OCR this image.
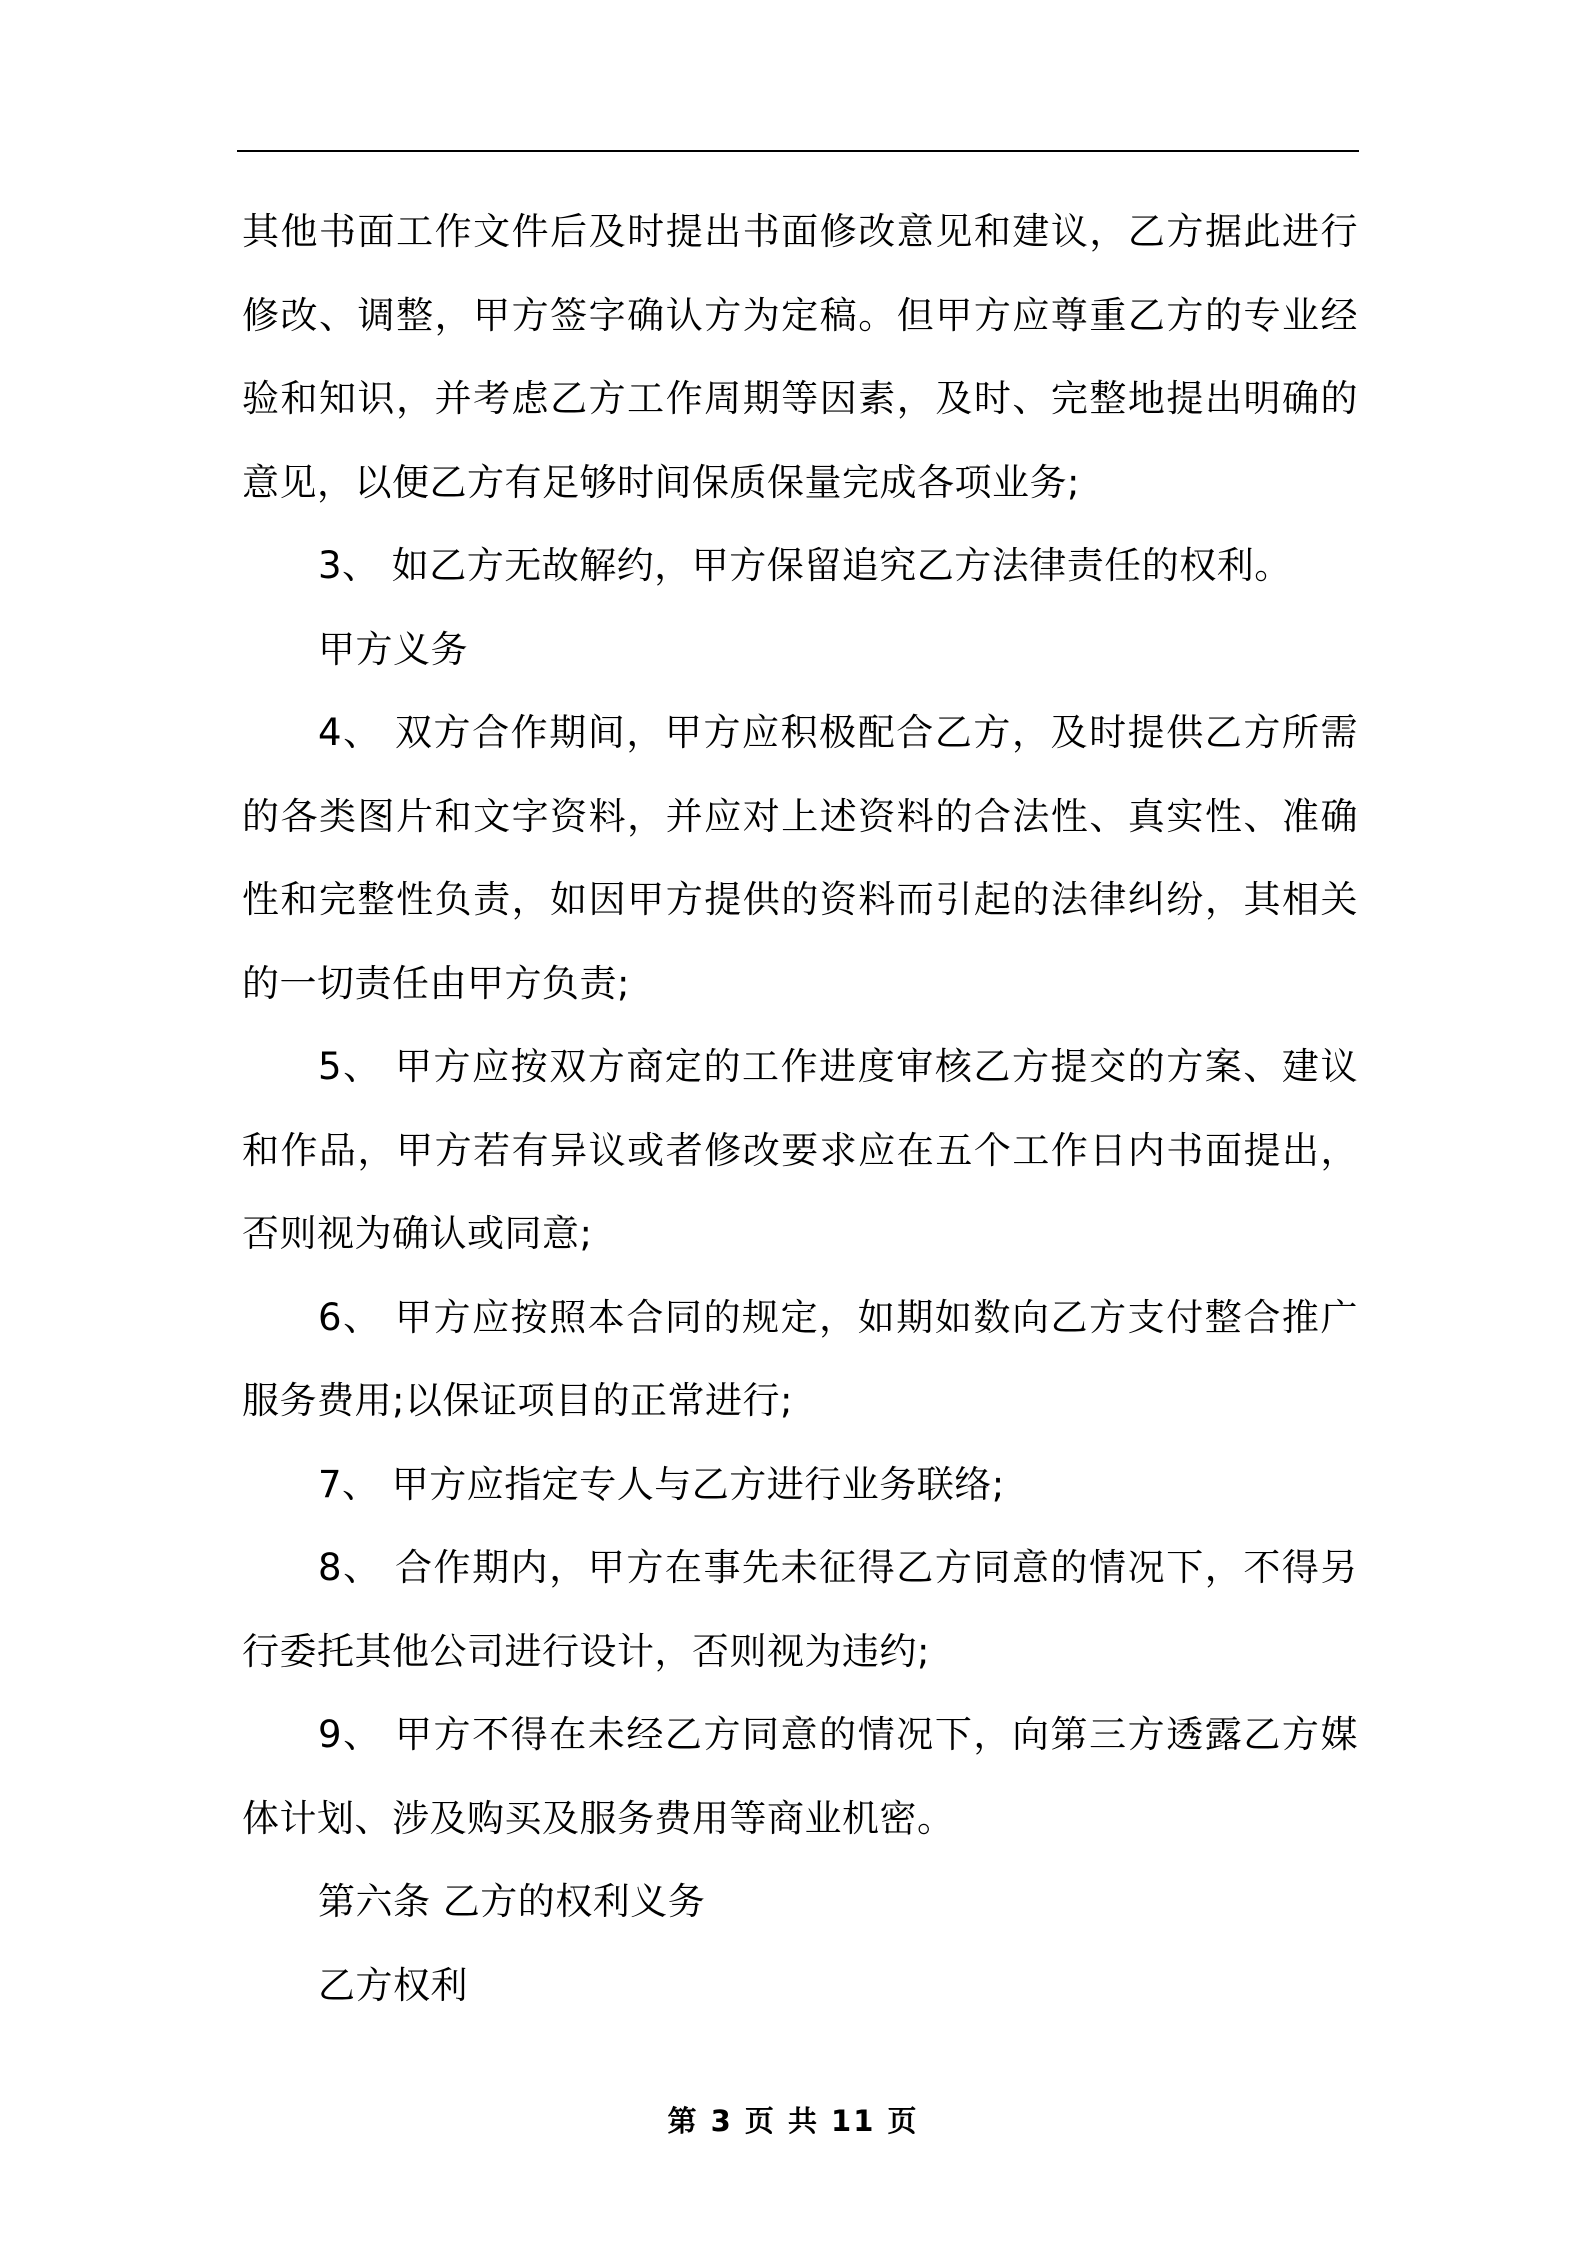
其他书面工作文件后及时提出书面修改意见和建议，乙方据此进行修改、调整，甲方签字确认方为定稿。但甲方应尊重乙方的专业经验和知识，并考虑乙方工作周期等因素，及时、完整地提出明确的意见，以便乙方有足够时间保质保量完成各项业务;

3、 如乙方无故解约，甲方保留追究乙方法律责任的权利。

甲方义务

4、 双方合作期间，甲方应积极配合乙方，及时提供乙方所需的各类图片和文字资料，并应对上述资料的合法性、真实性、准确性和完整性负责，如因甲方提供的资料而引起的法律纠纷，其相关的一切责任由甲方负责;

5、 甲方应按双方商定的工作进度审核乙方提交的方案、建议和作品，甲方若有异议或者修改要求应在五个工作日内书面提出，否则视为确认或同意;

6、 甲方应按照本合同的规定，如期如数向乙方支付整合推广服务费用;以保证项目的正常进行;

7、 甲方应指定专人与乙方进行业务联络;

8、 合作期内，甲方在事先未征得乙方同意的情况下，不得另行委托其他公司进行设计，否则视为违约;

9、 甲方不得在未经乙方同意的情况下，向第三方透露乙方媒体计划、涉及购买及服务费用等商业机密。

第六条 乙方的权利义务

乙方权利

第 3 页 共 11 页
